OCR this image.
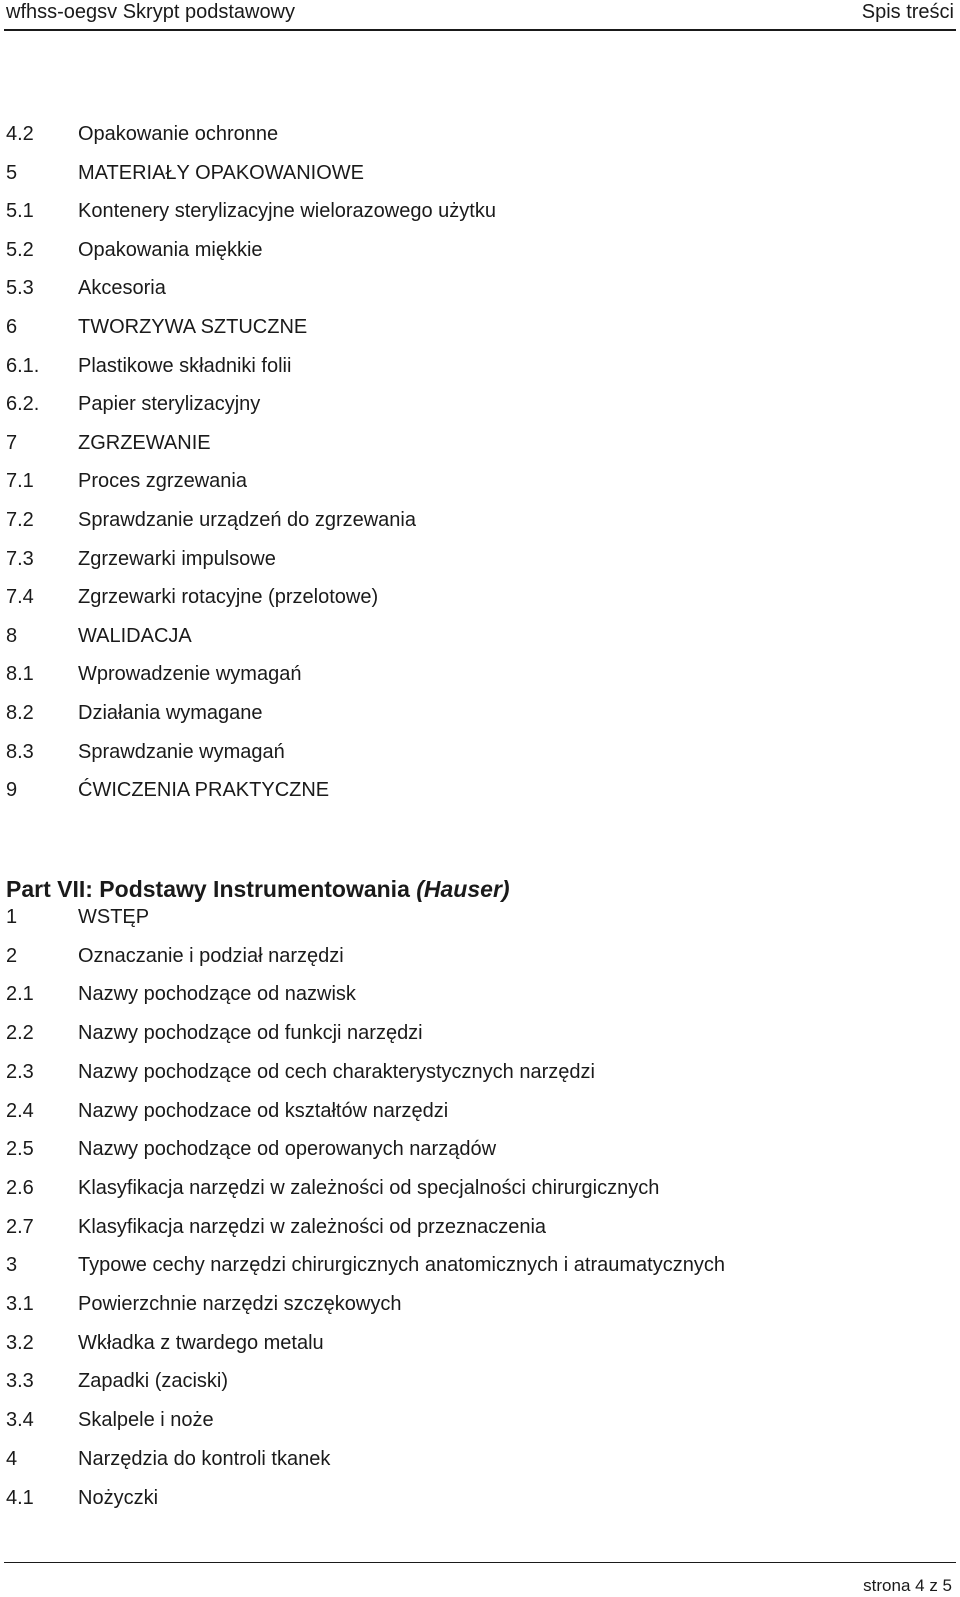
wfhss-oegsv Skrypt podstawowy	Spis treści
4.2 Opakowanie ochronne
5	MATERIAŁY OPAKOWANIOWE
5.1 Kontenery sterylizacyjne wielorazowego użytku
5.2 Opakowania miękkie
5.3 Akcesoria
6	TWORZYWA SZTUCZNE
6.1. Plastikowe składniki folii
6.2. Papier sterylizacyjny
7	ZGRZEWANIE
7.1 Proces zgrzewania
7.2 Sprawdzanie urządzeń do zgrzewania
7.3 Zgrzewarki impulsowe
7.4 Zgrzewarki rotacyjne (przelotowe)
8	WALIDACJA
8.1 Wprowadzenie wymagań
8.2 Działania wymagane
8.3 Sprawdzanie wymagań
9	ĆWICZENIA PRAKTYCZNE
Part VII: Podstawy Instrumentowania (Hauser)
1	WSTĘP
2	Oznaczanie i podział narzędzi
2.1 Nazwy pochodzące od nazwisk
2.2 Nazwy pochodzące od funkcji narzędzi
2.3 Nazwy pochodzące od cech charakterystycznych narzędzi
2.4 Nazwy pochodzace od kształtów narzędzi
2.5 Nazwy pochodzące od operowanych narządów
2.6 Klasyfikacja narzędzi w zależności od specjalności chirurgicznych
2.7 Klasyfikacja narzędzi w zależności od przeznaczenia
3	Typowe cechy narzędzi chirurgicznych anatomicznych i atraumatycznych
3.1 Powierzchnie narzędzi szczękowych
3.2 Wkładka z twardego metalu
3.3 Zapadki (zaciski)
3.4 Skalpele i noże
4	Narzędzia do kontroli tkanek
4.1 Nożyczki
strona 4 z 5
